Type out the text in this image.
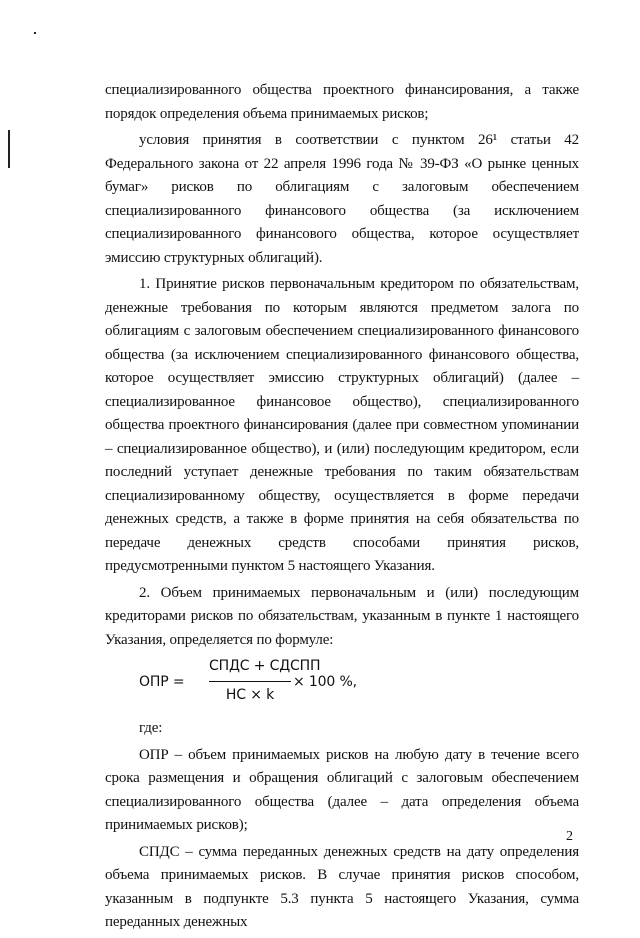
специализированного общества проектного финансирования, а также порядок определения объема принимаемых рисков;

условия принятия в соответствии с пунктом 26¹ статьи 42 Федерального закона от 22 апреля 1996 года № 39-ФЗ «О рынке ценных бумаг» рисков по облигациям с залоговым обеспечением специализированного финансового общества (за исключением специализированного финансового общества, которое осуществляет эмиссию структурных облигаций).

1. Принятие рисков первоначальным кредитором по обязательствам, денежные требования по которым являются предметом залога по облигациям с залоговым обеспечением специализированного финансового общества (за исключением специализированного финансового общества, которое осуществляет эмиссию структурных облигаций) (далее – специализированное финансовое общество), специализированного общества проектного финансирования (далее при совместном упоминании – специализированное общество), и (или) последующим кредитором, если последний уступает денежные требования по таким обязательствам специализированному обществу, осуществляется в форме передачи денежных средств, а также в форме принятия на себя обязательства по передаче денежных средств способами принятия рисков, предусмотренными пунктом 5 настоящего Указания.

2. Объем принимаемых первоначальным и (или) последующим кредиторами рисков по обязательствам, указанным в пункте 1 настоящего Указания, определяется по формуле:

ОПР =
СПДС + СДСПП
НС × k
× 100 %,

где:

ОПР – объем принимаемых рисков на любую дату в течение всего срока размещения и обращения облигаций с залоговым обеспечением специализированного общества (далее – дата определения объема принимаемых рисков);

СПДС – сумма переданных денежных средств на дату определения объема принимаемых рисков. В случае принятия рисков способом, указанным в подпункте 5.3 пункта 5 настоящего Указания, сумма переданных денежных

2
